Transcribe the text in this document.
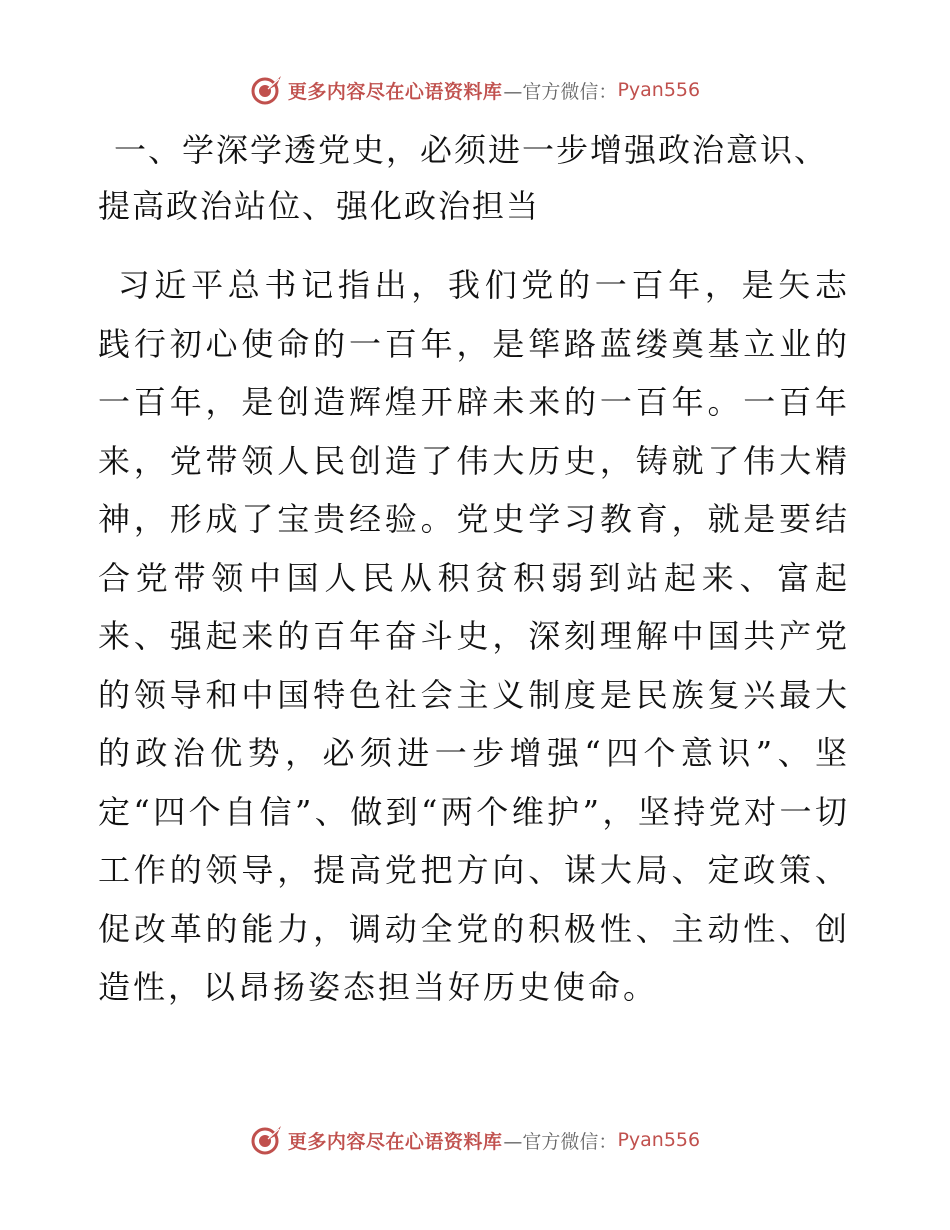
更多内容尽在心语资料库 —官方微信： Pyan556
一、学深学透党史，必须进一步增强政治意识、提高政治站位、强化政治担当

习近平总书记指出，我们党的一百年，是矢志践行初心使命的一百年，是筚路蓝缕奠基立业的一百年，是创造辉煌开辟未来的一百年。一百年来，党带领人民创造了伟大历史，铸就了伟大精神，形成了宝贵经验。党史学习教育，就是要结合党带领中国人民从积贫积弱到站起来、富起来、强起来的百年奋斗史，深刻理解中国共产党的领导和中国特色社会主义制度是民族复兴最大的政治优势，必须进一步增强“四个意识”、坚定“四个自信”、做到“两个维护”，坚持党对一切工作的领导，提高党把方向、谋大局、定政策、促改革的能力，调动全党的积极性、主动性、创造性，以昂扬姿态担当好历史使命。

更多内容尽在心语资料库 —官方微信： Pyan556
